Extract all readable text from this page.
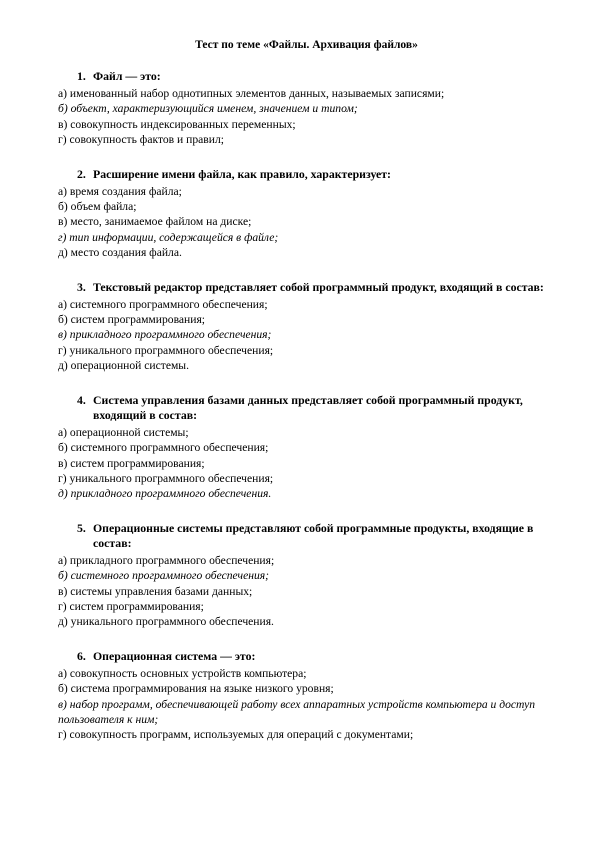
Тест по теме «Файлы. Архивация файлов»
1. Файл — это:
а) именованный набор однотипных элементов данных, называемых записями;
б) объект, характеризующийся именем, значением и типом;
в) совокупность индексированных переменных;
г) совокупность фактов и правил;
2. Расширение имени файла, как правило, характеризует:
а) время создания файла;
б) объем файла;
в) место, занимаемое файлом на диске;
г) тип информации, содержащейся в файле;
д) место создания файла.
3. Текстовый редактор представляет собой программный продукт, входящий в состав:
а) системного программного обеспечения;
б) систем программирования;
в) прикладного программного обеспечения;
г) уникального программного обеспечения;
д) операционной системы.
4. Система управления базами данных представляет собой программный продукт, входящий в состав:
а) операционной системы;
б) системного программного обеспечения;
в) систем программирования;
г) уникального программного обеспечения;
д) прикладного программного обеспечения.
5. Операционные системы представляют собой программные продукты, входящие в состав:
а) прикладного программного обеспечения;
б) системного программного обеспечения;
в) системы управления базами данных;
г) систем программирования;
д) уникального программного обеспечения.
6. Операционная система — это:
а) совокупность основных устройств компьютера;
б) система программирования на языке низкого уровня;
в) набор программ, обеспечивающей работу всех аппаратных устройств компьютера и доступ пользователя к ним;
г) совокупность программ, используемых для операций с документами;
